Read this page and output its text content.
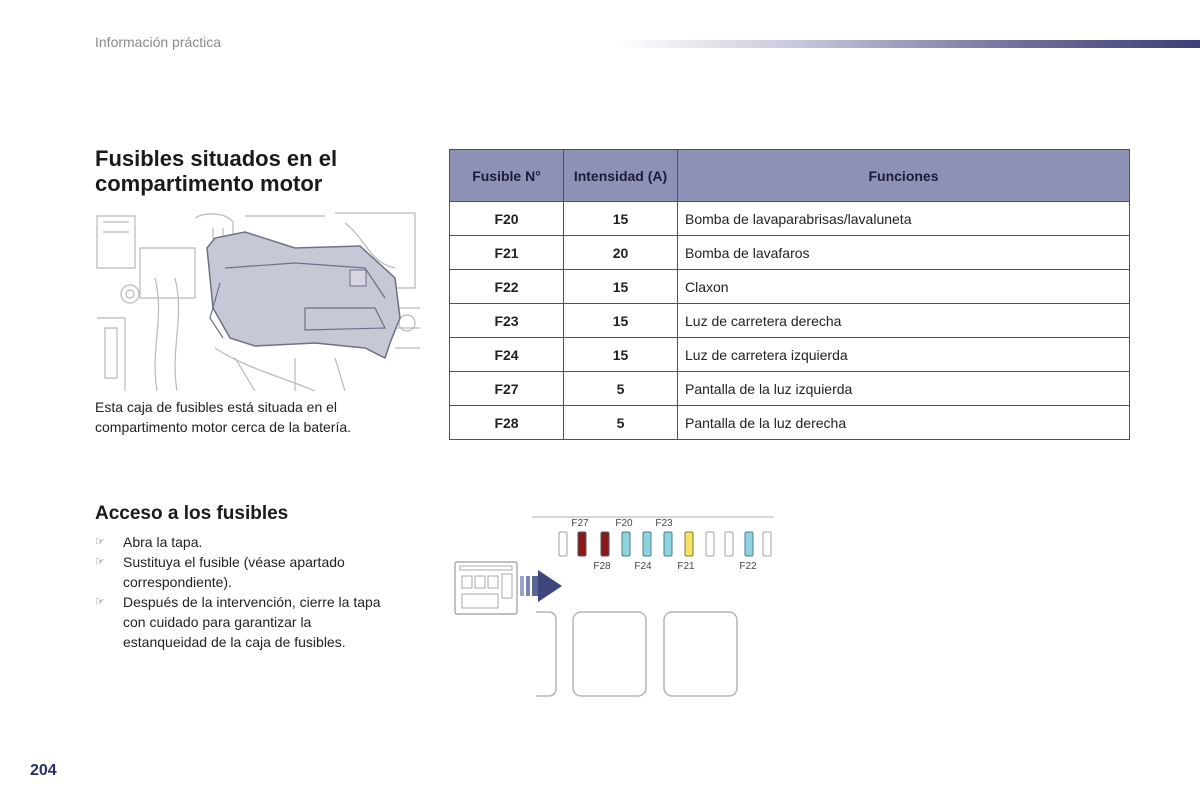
Información práctica
Fusibles situados en el compartimento motor
Esta caja de fusibles está situada en el compartimento motor cerca de la batería.
Fusible N°	Intensidad (A)	Funciones
F20	15	Bomba de lavaparabrisas/lavaluneta
F21	20	Bomba de lavafaros
F22	15	Claxon
F23	15	Luz de carretera derecha
F24	15	Luz de carretera izquierda
F27	5	Pantalla de la luz izquierda
F28	5	Pantalla de la luz derecha
Acceso a los fusibles
☞ Abra la tapa.
☞ Sustituya el fusible (véase apartado correspondiente).
☞ Después de la intervención, cierre la tapa con cuidado para garantizar la estanqueidad de la caja de fusibles.
F27	F20 F23
F28 F24	F21	F22
204
